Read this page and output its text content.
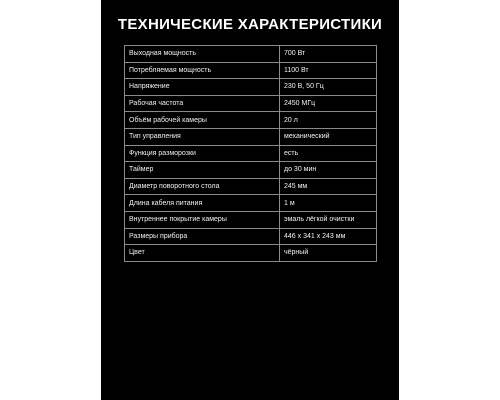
ТЕХНИЧЕСКИЕ ХАРАКТЕРИСТИКИ
Выходная мощность	700 Вт
Потребляемая мощность	1100 Вт
Напряжение	230 В, 50 Гц
Рабочая частота	2450 МГц
Объём рабочей камеры	20 л
Тип управления	механический
Функция разморозки	есть
Таймер	до 30 мин
Диаметр поворотного стола	245 мм
Длина кабеля питания	1 м
Внутреннее покрытие камеры	эмаль лёгкой очистки
Размеры прибора	446 х 341 х 243 мм
Цвет	чёрный
